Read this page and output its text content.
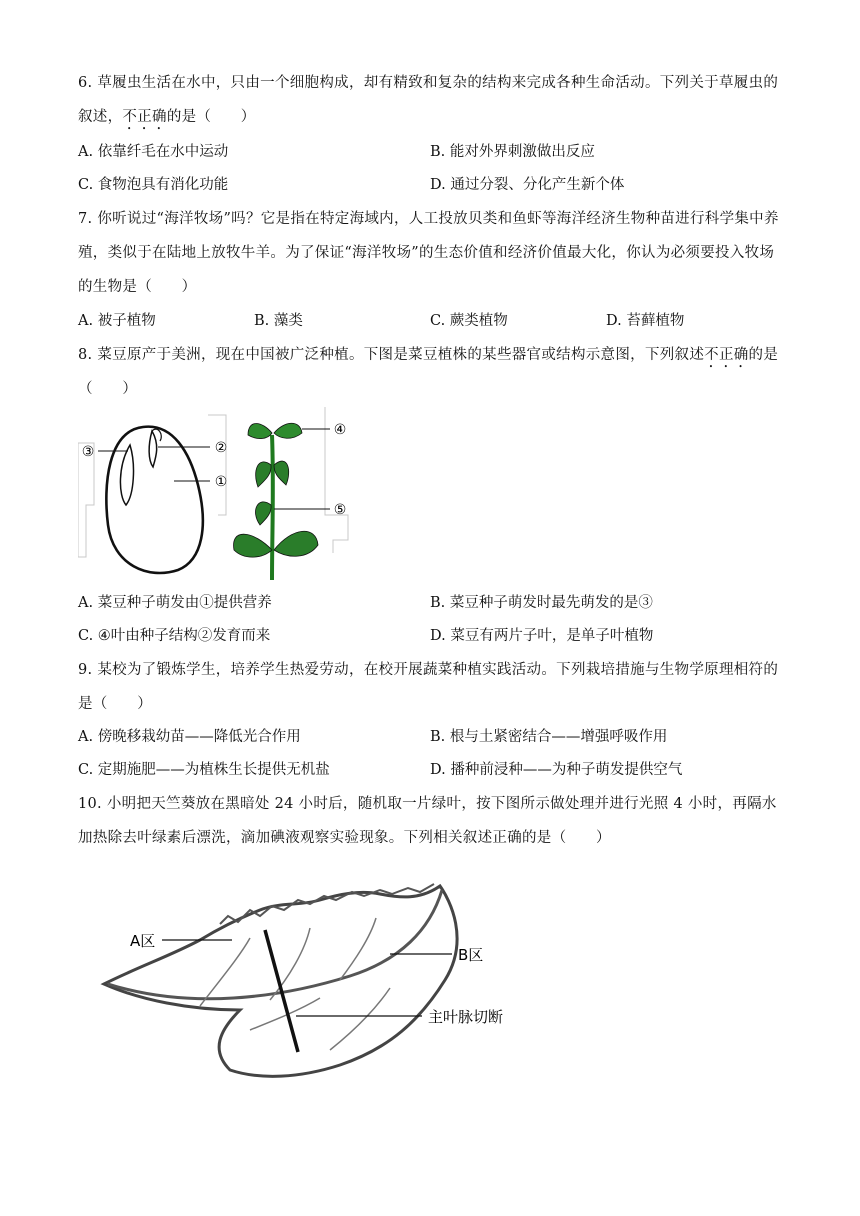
6. 草履虫生活在水中，只由一个细胞构成，却有精致和复杂的结构来完成各种生命活动。下列关于草履虫的叙述，不正确的是（　　）

A. 依靠纤毛在水中运动	B. 能对外界刺激做出反应
C. 食物泡具有消化功能	D. 通过分裂、分化产生新个体

7. 你听说过“海洋牧场”吗？它是指在特定海域内，人工投放贝类和鱼虾等海洋经济生物种苗进行科学集中养殖，类似于在陆地上放牧牛羊。为了保证“海洋牧场”的生态价值和经济价值最大化，你认为必须要投入牧场的生物是（　　）

A. 被子植物	B. 藻类	C. 蕨类植物	D. 苔藓植物

8. 菜豆原产于美洲，现在中国被广泛种植。下图是菜豆植株的某些器官或结构示意图，下列叙述不正确的是（　　）

③	②
①
④
⑤
A. 菜豆种子萌发由①提供营养	B. 菜豆种子萌发时最先萌发的是③
C. ④叶由种子结构②发育而来	D. 菜豆有两片子叶，是单子叶植物

9. 某校为了锻炼学生，培养学生热爱劳动，在校开展蔬菜种植实践活动。下列栽培措施与生物学原理相符的是（　　）

A. 傍晚移栽幼苗——降低光合作用	B. 根与土紧密结合——增强呼吸作用
C. 定期施肥——为植株生长提供无机盐	D. 播种前浸种——为种子萌发提供空气

10. 小明把天竺葵放在黑暗处 24 小时后，随机取一片绿叶，按下图所示做处理并进行光照 4 小时，再隔水加热除去叶绿素后漂洗，滴加碘液观察实验现象。下列相关叙述正确的是（　　）

A区
B区
主叶脉切断
